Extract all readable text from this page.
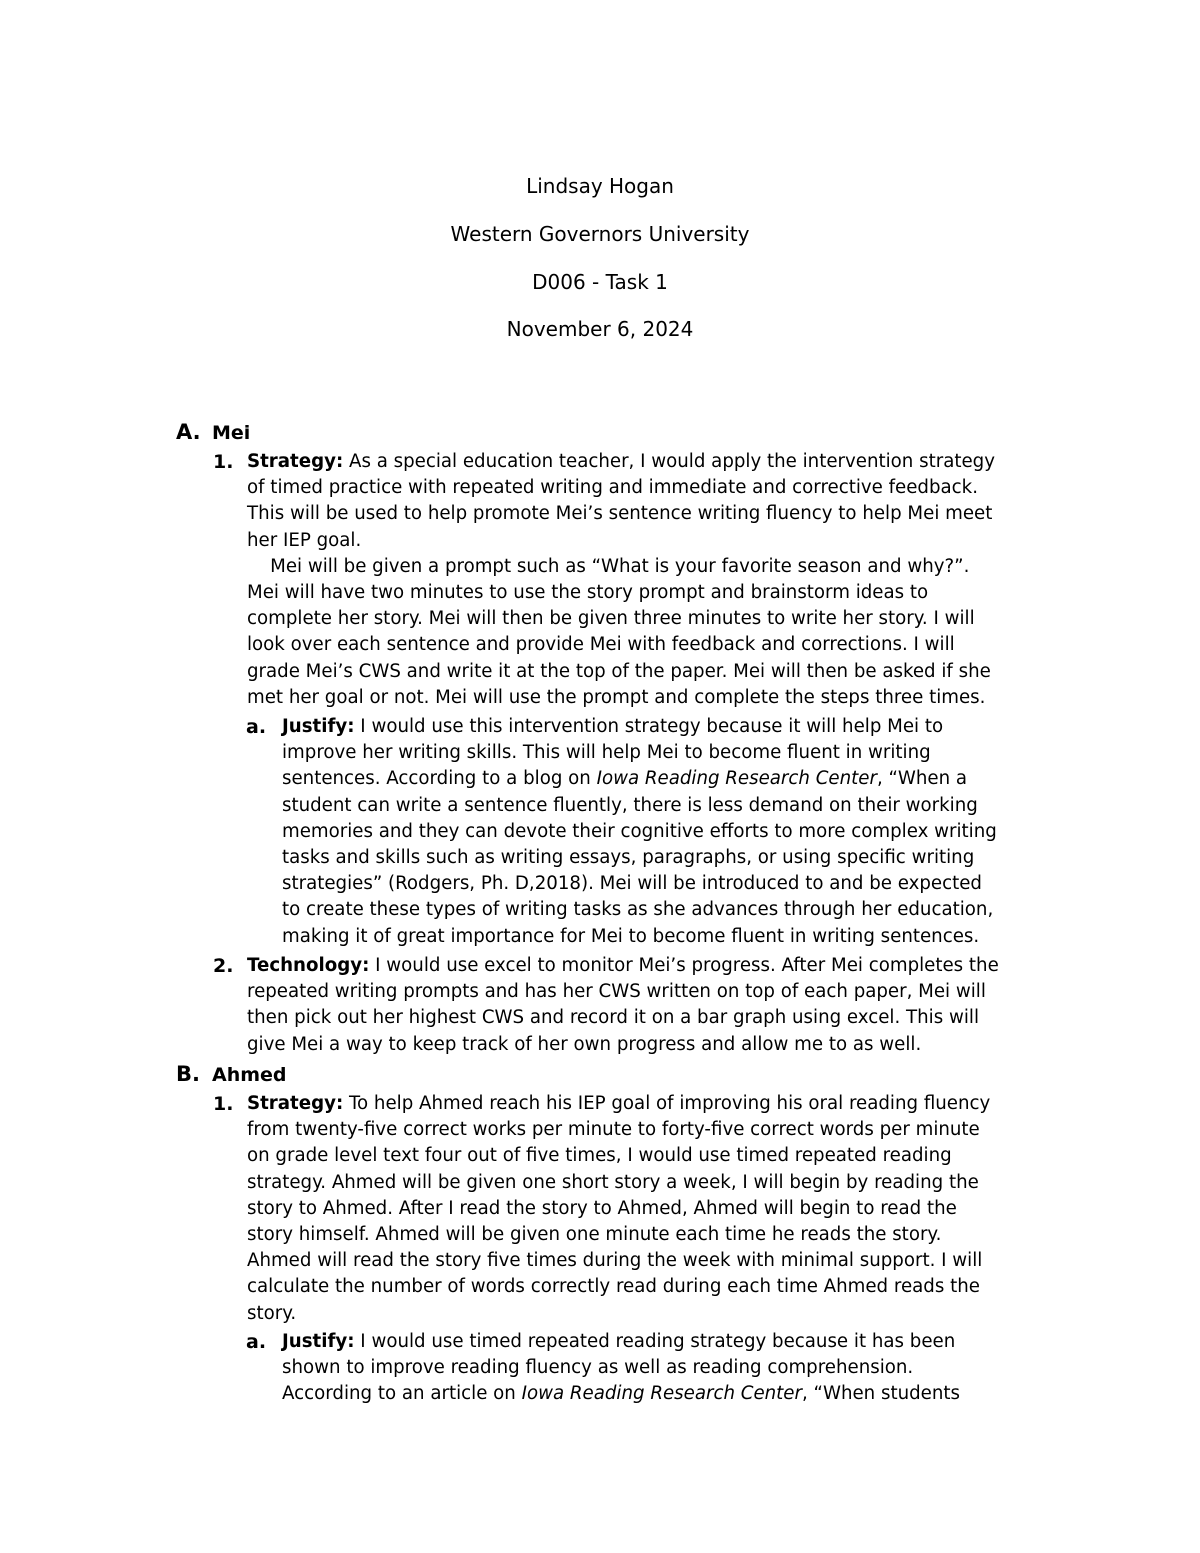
Lindsay Hogan
Western Governors University
D006 - Task 1
November 6, 2024
A. Mei
1. Strategy: As a special education teacher, I would apply the intervention strategy
of timed practice with repeated writing and immediate and corrective feedback.
This will be used to help promote Mei’s sentence writing fluency to help Mei meet
her IEP goal.
Mei will be given a prompt such as “What is your favorite season and why?”.
Mei will have two minutes to use the story prompt and brainstorm ideas to
complete her story. Mei will then be given three minutes to write her story. I will
look over each sentence and provide Mei with feedback and corrections. I will
grade Mei’s CWS and write it at the top of the paper. Mei will then be asked if she
met her goal or not. Mei will use the prompt and complete the steps three times.
a. Justify: I would use this intervention strategy because it will help Mei to
improve her writing skills. This will help Mei to become fluent in writing
sentences. According to a blog on Iowa Reading Research Center, “When a
student can write a sentence fluently, there is less demand on their working
memories and they can devote their cognitive efforts to more complex writing
tasks and skills such as writing essays, paragraphs, or using specific writing
strategies” (Rodgers, Ph. D,2018). Mei will be introduced to and be expected
to create these types of writing tasks as she advances through her education,
making it of great importance for Mei to become fluent in writing sentences.
2. Technology: I would use excel to monitor Mei’s progress. After Mei completes the
repeated writing prompts and has her CWS written on top of each paper, Mei will
then pick out her highest CWS and record it on a bar graph using excel. This will
give Mei a way to keep track of her own progress and allow me to as well.
B. Ahmed
1. Strategy: To help Ahmed reach his IEP goal of improving his oral reading fluency
from twenty-five correct works per minute to forty-five correct words per minute
on grade level text four out of five times, I would use timed repeated reading
strategy. Ahmed will be given one short story a week, I will begin by reading the
story to Ahmed. After I read the story to Ahmed, Ahmed will begin to read the
story himself. Ahmed will be given one minute each time he reads the story.
Ahmed will read the story five times during the week with minimal support. I will
calculate the number of words correctly read during each time Ahmed reads the
story.
a. Justify: I would use timed repeated reading strategy because it has been
shown to improve reading fluency as well as reading comprehension.
According to an article on Iowa Reading Research Center, “When students
